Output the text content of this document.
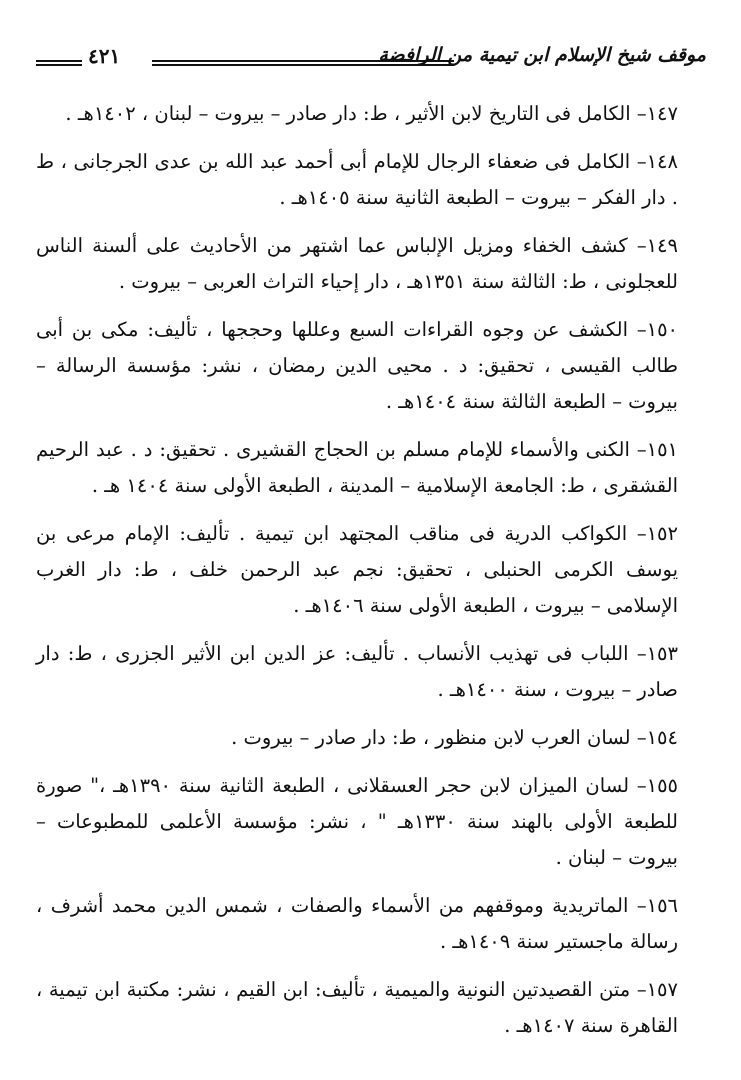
موقف شيخ الإسلام ابن تيمية من الرافضة
٤٢١
١٤٧– الكامل فى التاريخ لابن الأثير ، ط: دار صادر – بيروت – لبنان ، ١٤٠٢هـ .
١٤٨– الكامل فى ضعفاء الرجال للإمام أبى أحمد عبد الله بن عدى الجرجانى ، ط . دار الفكر – بيروت – الطبعة الثانية سنة ١٤٠٥هـ .
١٤٩– كشف الخفاء ومزيل الإلباس عما اشتهر من الأحاديث على ألسنة الناس للعجلونى ، ط: الثالثة سنة ١٣٥١هـ ، دار إحياء التراث العربى – بيروت .
١٥٠– الكشف عن وجوه القراءات السبع وعللها وحججها ، تأليف: مكى بن أبى طالب القيسى ، تحقيق: د . محيى الدين رمضان ، نشر: مؤسسة الرسالة – بيروت – الطبعة الثالثة سنة ١٤٠٤هـ .
١٥١– الكنى والأسماء للإمام مسلم بن الحجاج القشيرى . تحقيق: د . عبد الرحيم القشقرى ، ط: الجامعة الإسلامية – المدينة ، الطبعة الأولى سنة ١٤٠٤ هـ .
١٥٢– الكواكب الدرية فى مناقب المجتهد ابن تيمية . تأليف: الإمام مرعى بن يوسف الكرمى الحنبلى ، تحقيق: نجم عبد الرحمن خلف ، ط: دار الغرب الإسلامى – بيروت ، الطبعة الأولى سنة ١٤٠٦هـ .
١٥٣– اللباب فى تهذيب الأنساب . تأليف: عز الدين ابن الأثير الجزرى ، ط: دار صادر – بيروت ، سنة ١٤٠٠هـ .
١٥٤– لسان العرب لابن منظور ، ط: دار صادر – بيروت .
١٥٥– لسان الميزان لابن حجر العسقلانى ، الطبعة الثانية سنة ١٣٩٠هـ ،" صورة للطبعة الأولى بالهند سنة ١٣٣٠هـ " ، نشر: مؤسسة الأعلمى للمطبوعات – بيروت – لبنان .
١٥٦– الماتريدية وموقفهم من الأسماء والصفات ، شمس الدين محمد أشرف ، رسالة ماجستير سنة ١٤٠٩هـ .
١٥٧– متن القصيدتين النونية والميمية ، تأليف: ابن القيم ، نشر: مكتبة ابن تيمية ، القاهرة سنة ١٤٠٧هـ .
